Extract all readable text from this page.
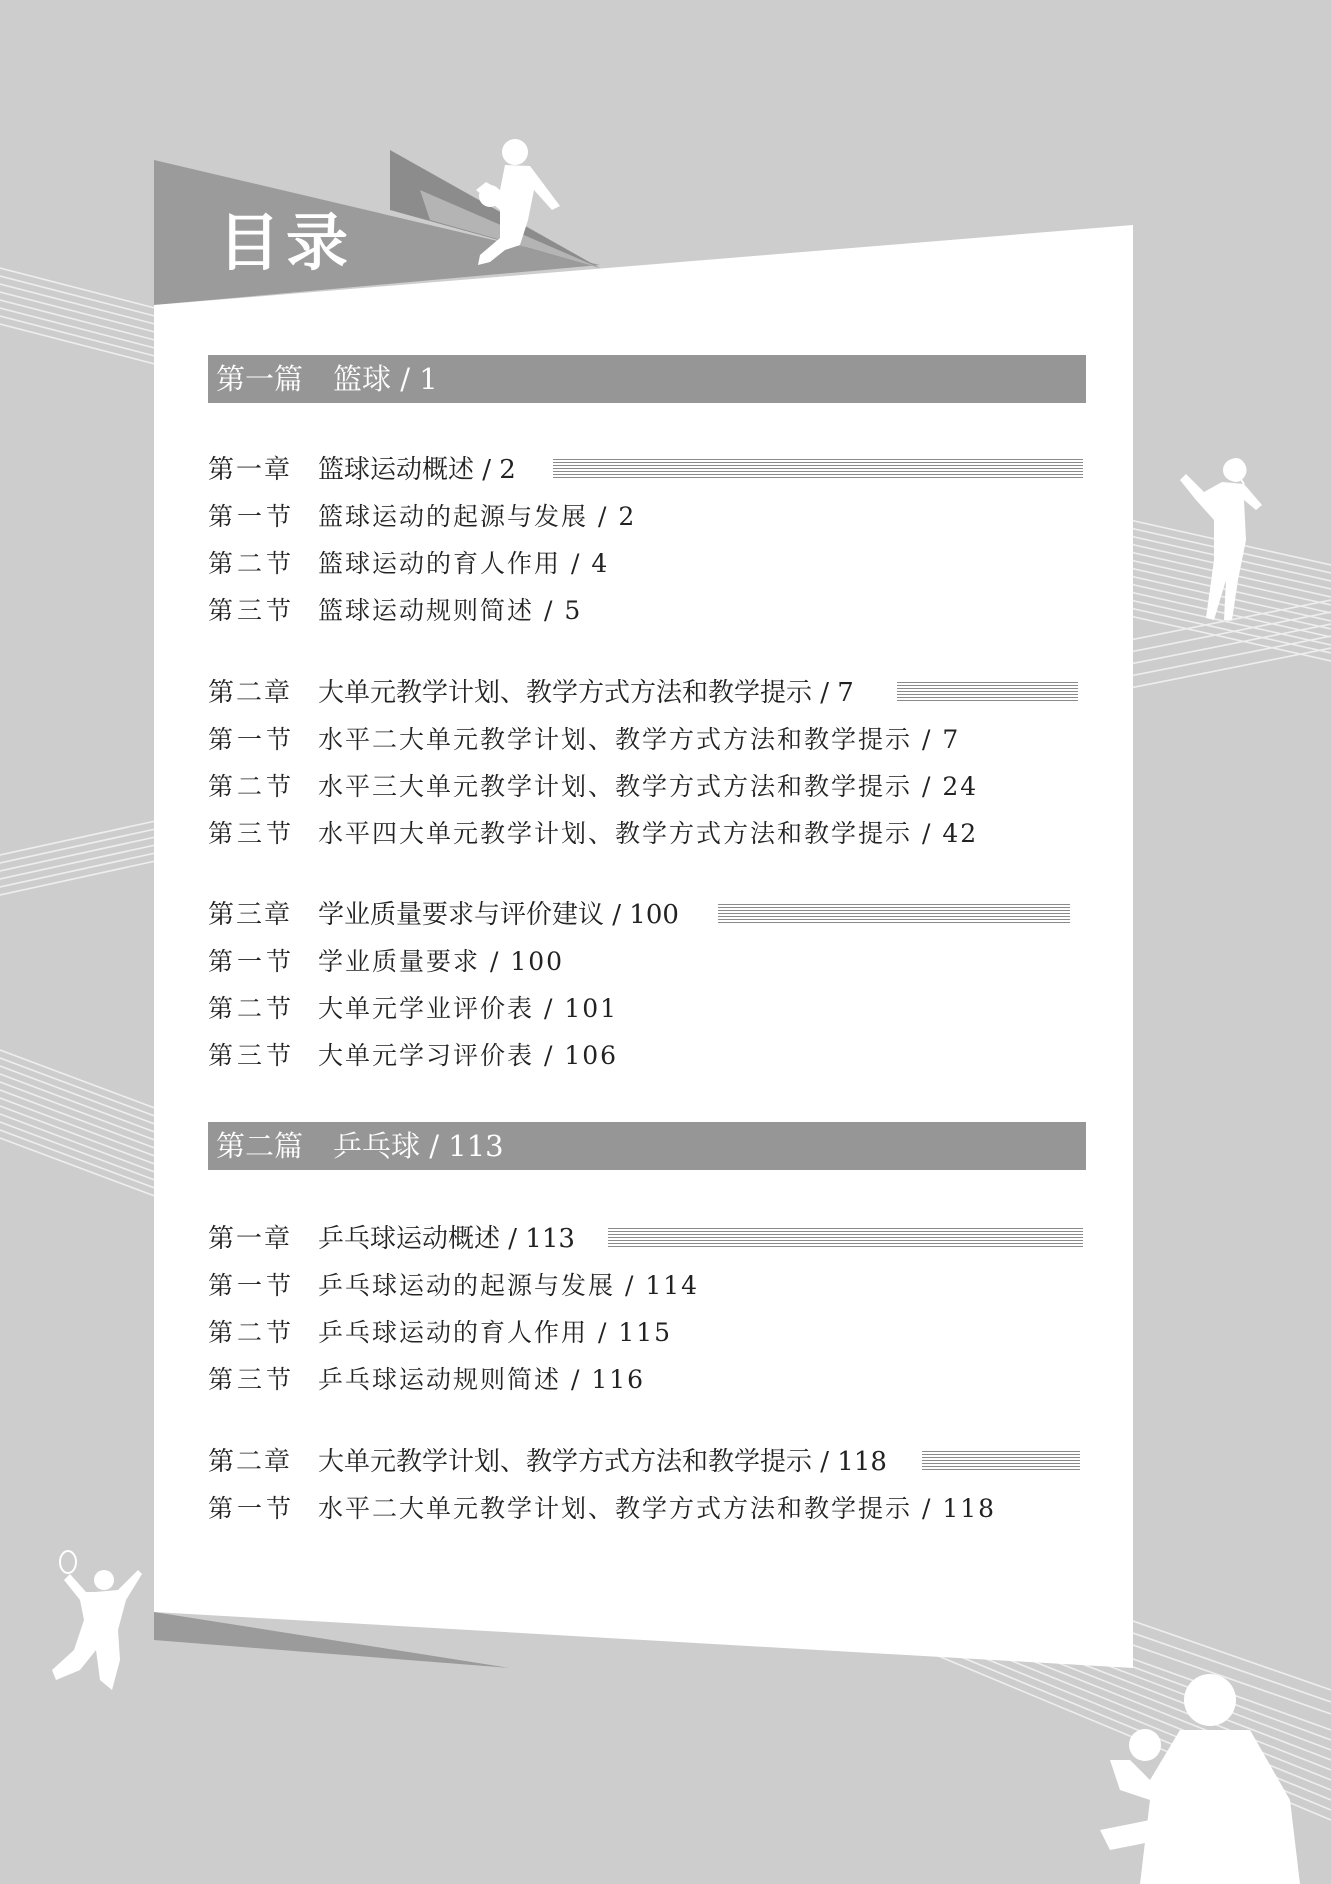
目录
第一篇 篮球 / 1
第一章 篮球运动概述 / 2
第一节 篮球运动的起源与发展 / 2
第二节 篮球运动的育人作用 / 4
第三节 篮球运动规则简述 / 5
第二章 大单元教学计划、教学方式方法和教学提示 / 7
第一节 水平二大单元教学计划、教学方式方法和教学提示 / 7
第二节 水平三大单元教学计划、教学方式方法和教学提示 / 24
第三节 水平四大单元教学计划、教学方式方法和教学提示 / 42
第三章 学业质量要求与评价建议 / 100
第一节 学业质量要求 / 100
第二节 大单元学业评价表 / 101
第三节 大单元学习评价表 / 106
第二篇 乒乓球 / 113
第一章 乒乓球运动概述 / 113
第一节 乒乓球运动的起源与发展 / 114
第二节 乒乓球运动的育人作用 / 115
第三节 乒乓球运动规则简述 / 116
第二章 大单元教学计划、教学方式方法和教学提示 / 118
第一节 水平二大单元教学计划、教学方式方法和教学提示 / 118
